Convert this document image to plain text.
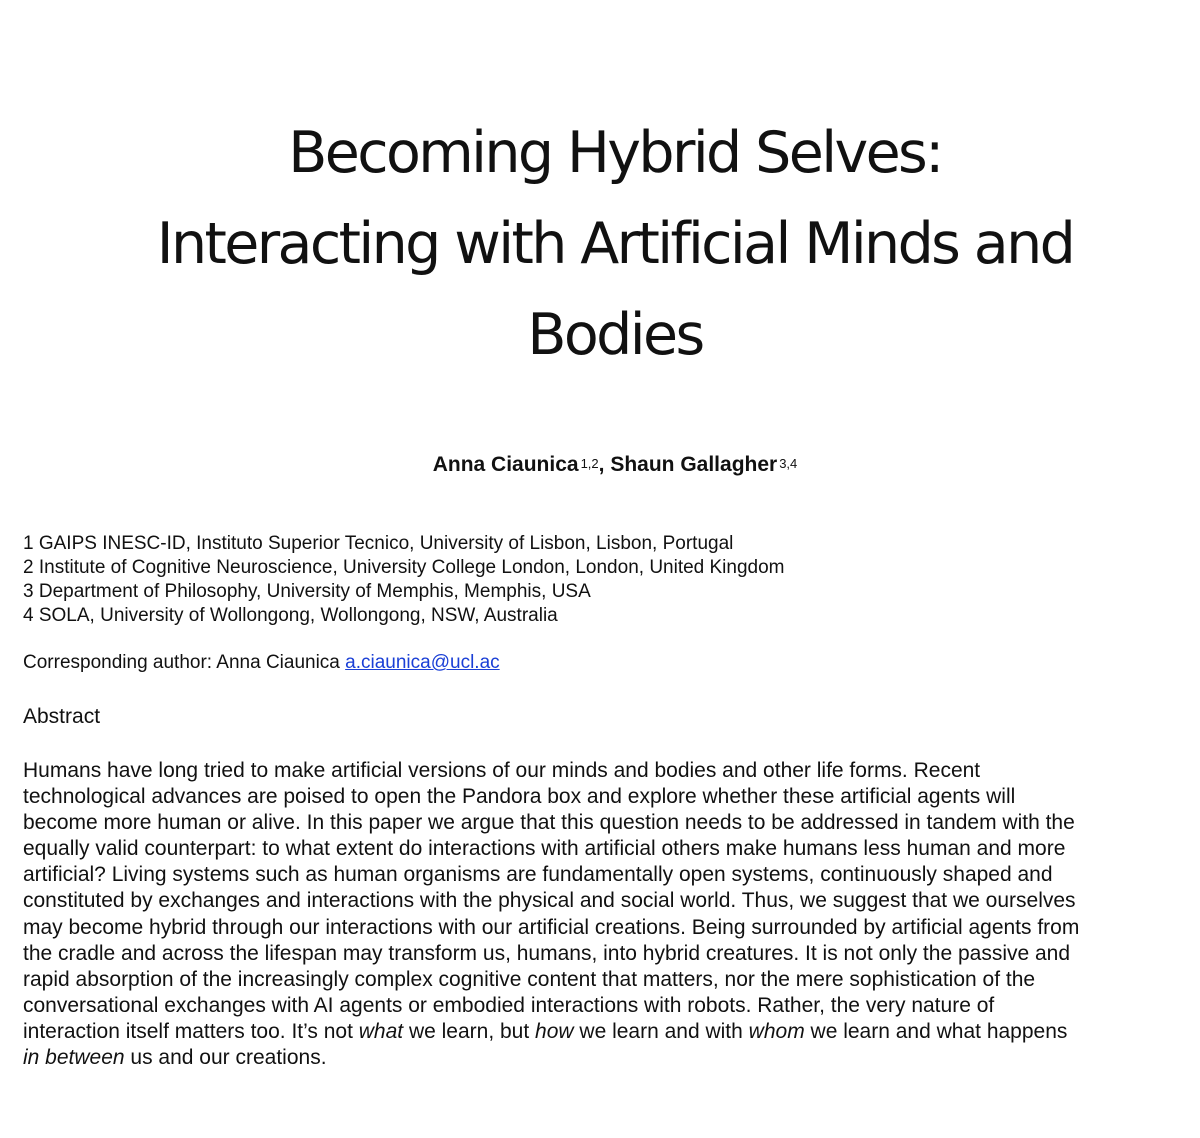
Becoming Hybrid Selves:
Interacting with Artificial Minds and
Bodies
Anna Ciaunica $^{1,2}$, Shaun Gallagher $^{3,4}$
1 GAIPS INESC-ID, Instituto Superior Tecnico, University of Lisbon, Lisbon, Portugal
2 Institute of Cognitive Neuroscience, University College London, London, United Kingdom
3 Department of Philosophy, University of Memphis, Memphis, USA
4 SOLA, University of Wollongong, Wollongong, NSW, Australia
Corresponding author: Anna Ciaunica a.ciaunica@ucl.ac
Abstract
Humans have long tried to make artificial versions of our minds and bodies and other life forms. Recent
technological advances are poised to open the Pandora box and explore whether these artificial agents will
become more human or alive. In this paper we argue that this question needs to be addressed in tandem with the
equally valid counterpart: to what extent do interactions with artificial others make humans less human and more
artificial? Living systems such as human organisms are fundamentally open systems, continuously shaped and
constituted by exchanges and interactions with the physical and social world. Thus, we suggest that we ourselves
may become hybrid through our interactions with our artificial creations. Being surrounded by artificial agents from
the cradle and across the lifespan may transform us, humans, into hybrid creatures. It is not only the passive and
rapid absorption of the increasingly complex cognitive content that matters, nor the mere sophistication of the
conversational exchanges with AI agents or embodied interactions with robots. Rather, the very nature of
interaction itself matters too. It’s not what we learn, but how we learn and with whom we learn and what happens
in between us and our creations.
